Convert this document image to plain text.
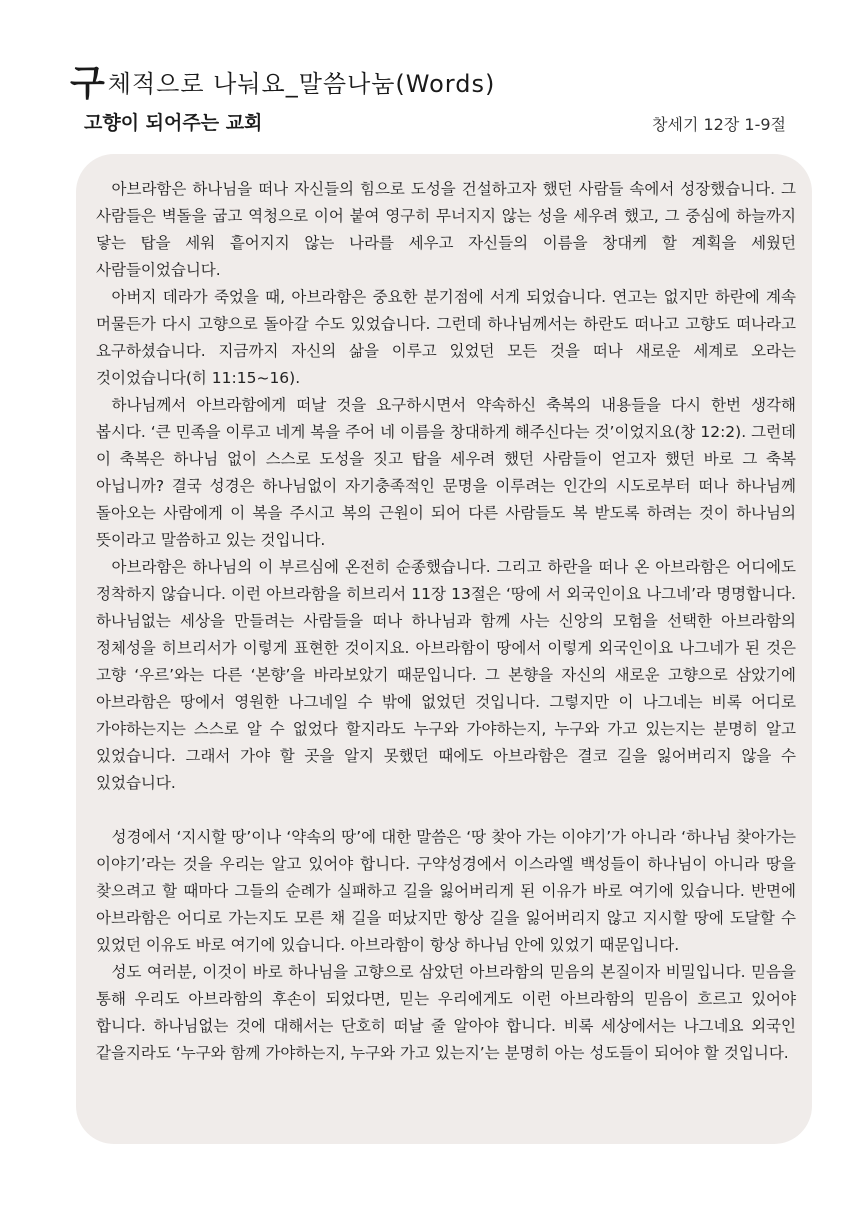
구체적으로 나눠요_말씀나눔(Words)
고향이 되어주는 교회	창세기 12장 1-9절

아브라함은 하나님을 떠나 자신들의 힘으로 도성을 건설하고자 했던 사람들 속에서 성장했습니다. 그 사람들은 벽돌을 굽고 역청으로 이어 붙여 영구히 무너지지 않는 성을 세우려 했고, 그 중심에 하늘까지 닿는 탑을 세워 흩어지지 않는 나라를 세우고 자신들의 이름을 창대케 할 계획을 세웠던 사람들이었습니다.

아버지 데라가 죽었을 때, 아브라함은 중요한 분기점에 서게 되었습니다. 연고는 없지만 하란에 계속 머물든가 다시 고향으로 돌아갈 수도 있었습니다. 그런데 하나님께서는 하란도 떠나고 고향도 떠나라고 요구하셨습니다. 지금까지 자신의 삶을 이루고 있었던 모든 것을 떠나 새로운 세계로 오라는 것이었습니다(히 11:15~16).

하나님께서 아브라함에게 떠날 것을 요구하시면서 약속하신 축복의 내용들을 다시 한번 생각해 봅시다. ‘큰 민족을 이루고 네게 복을 주어 네 이름을 창대하게 해주신다는 것’이었지요(창 12:2). 그런데 이 축복은 하나님 없이 스스로 도성을 짓고 탑을 세우려 했던 사람들이 얻고자 했던 바로 그 축복 아닙니까? 결국 성경은 하나님없이 자기충족적인 문명을 이루려는 인간의 시도로부터 떠나 하나님께 돌아오는 사람에게 이 복을 주시고 복의 근원이 되어 다른 사람들도 복 받도록 하려는 것이 하나님의 뜻이라고 말씀하고 있는 것입니다.

아브라함은 하나님의 이 부르심에 온전히 순종했습니다. 그리고 하란을 떠나 온 아브라함은 어디에도 정착하지 않습니다. 이런 아브라함을 히브리서 11장 13절은 ‘땅에 서 외국인이요 나그네’라 명명합니다. 하나님없는 세상을 만들려는 사람들을 떠나 하나님과 함께 사는 신앙의 모험을 선택한 아브라함의 정체성을 히브리서가 이렇게 표현한 것이지요. 아브라함이 땅에서 이렇게 외국인이요 나그네가 된 것은 고향 ‘우르’와는 다른 ‘본향’을 바라보았기 때문입니다. 그 본향을 자신의 새로운 고향으로 삼았기에 아브라함은 땅에서 영원한 나그네일 수 밖에 없었던 것입니다. 그렇지만 이 나그네는 비록 어디로 가야하는지는 스스로 알 수 없었다 할지라도 누구와 가야하는지, 누구와 가고 있는지는 분명히 알고 있었습니다. 그래서 가야 할 곳을 알지 못했던 때에도 아브라함은 결코 길을 잃어버리지 않을 수 있었습니다.

성경에서 ‘지시할 땅’이나 ‘약속의 땅’에 대한 말씀은 ‘땅 찾아 가는 이야기’가 아니라 ‘하나님 찾아가는 이야기’라는 것을 우리는 알고 있어야 합니다. 구약성경에서 이스라엘 백성들이 하나님이 아니라 땅을 찾으려고 할 때마다 그들의 순례가 실패하고 길을 잃어버리게 된 이유가 바로 여기에 있습니다. 반면에 아브라함은 어디로 가는지도 모른 채 길을 떠났지만 항상 길을 잃어버리지 않고 지시할 땅에 도달할 수 있었던 이유도 바로 여기에 있습니다. 아브라함이 항상 하나님 안에 있었기 때문입니다.

성도 여러분, 이것이 바로 하나님을 고향으로 삼았던 아브라함의 믿음의 본질이자 비밀입니다. 믿음을 통해 우리도 아브라함의 후손이 되었다면, 믿는 우리에게도 이런 아브라함의 믿음이 흐르고 있어야 합니다. 하나님없는 것에 대해서는 단호히 떠날 줄 알아야 합니다. 비록 세상에서는 나그네요 외국인 같을지라도 ‘누구와 함께 가야하는지, 누구와 가고 있는지’는 분명히 아는 성도들이 되어야 할 것입니다.
